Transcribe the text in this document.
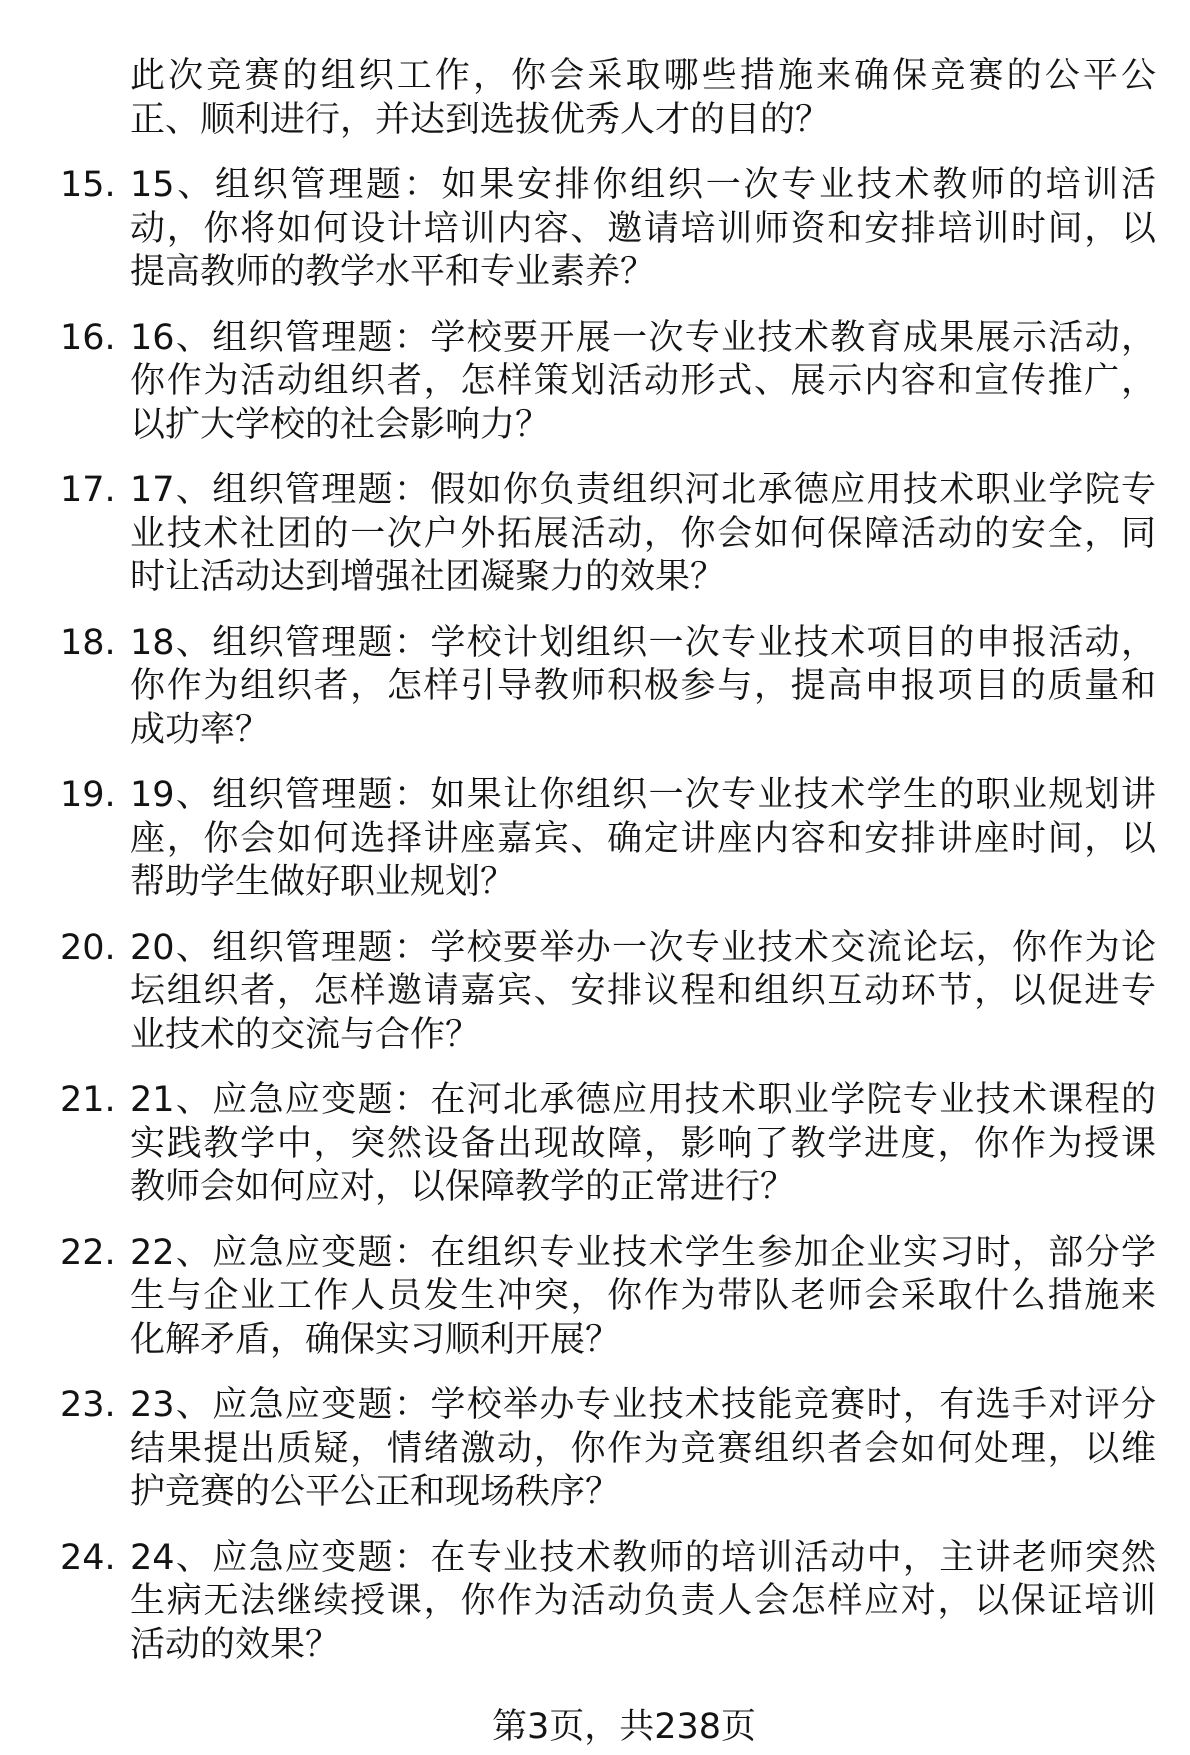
此次竞赛的组织工作，你会采取哪些措施来确保竞赛的公平公
正、顺利进行，并达到选拔优秀人才的目的？
15. 15、组织管理题：如果安排你组织一次专业技术教师的培训活
动，你将如何设计培训内容、邀请培训师资和安排培训时间，以
提高教师的教学水平和专业素养？
16. 16、组织管理题：学校要开展一次专业技术教育成果展示活动，
你作为活动组织者，怎样策划活动形式、展示内容和宣传推广，
以扩大学校的社会影响力？
17. 17、组织管理题：假如你负责组织河北承德应用技术职业学院专
业技术社团的一次户外拓展活动，你会如何保障活动的安全，同
时让活动达到增强社团凝聚力的效果？
18. 18、组织管理题：学校计划组织一次专业技术项目的申报活动，
你作为组织者，怎样引导教师积极参与，提高申报项目的质量和
成功率？
19. 19、组织管理题：如果让你组织一次专业技术学生的职业规划讲
座，你会如何选择讲座嘉宾、确定讲座内容和安排讲座时间，以
帮助学生做好职业规划？
20. 20、组织管理题：学校要举办一次专业技术交流论坛，你作为论
坛组织者，怎样邀请嘉宾、安排议程和组织互动环节，以促进专
业技术的交流与合作？
21. 21、应急应变题：在河北承德应用技术职业学院专业技术课程的
实践教学中，突然设备出现故障，影响了教学进度，你作为授课
教师会如何应对，以保障教学的正常进行？
22. 22、应急应变题：在组织专业技术学生参加企业实习时，部分学
生与企业工作人员发生冲突，你作为带队老师会采取什么措施来
化解矛盾，确保实习顺利开展？
23. 23、应急应变题：学校举办专业技术技能竞赛时，有选手对评分
结果提出质疑，情绪激动，你作为竞赛组织者会如何处理，以维
护竞赛的公平公正和现场秩序？
24. 24、应急应变题：在专业技术教师的培训活动中，主讲老师突然
生病无法继续授课，你作为活动负责人会怎样应对，以保证培训
活动的效果？
第3页，共238页
